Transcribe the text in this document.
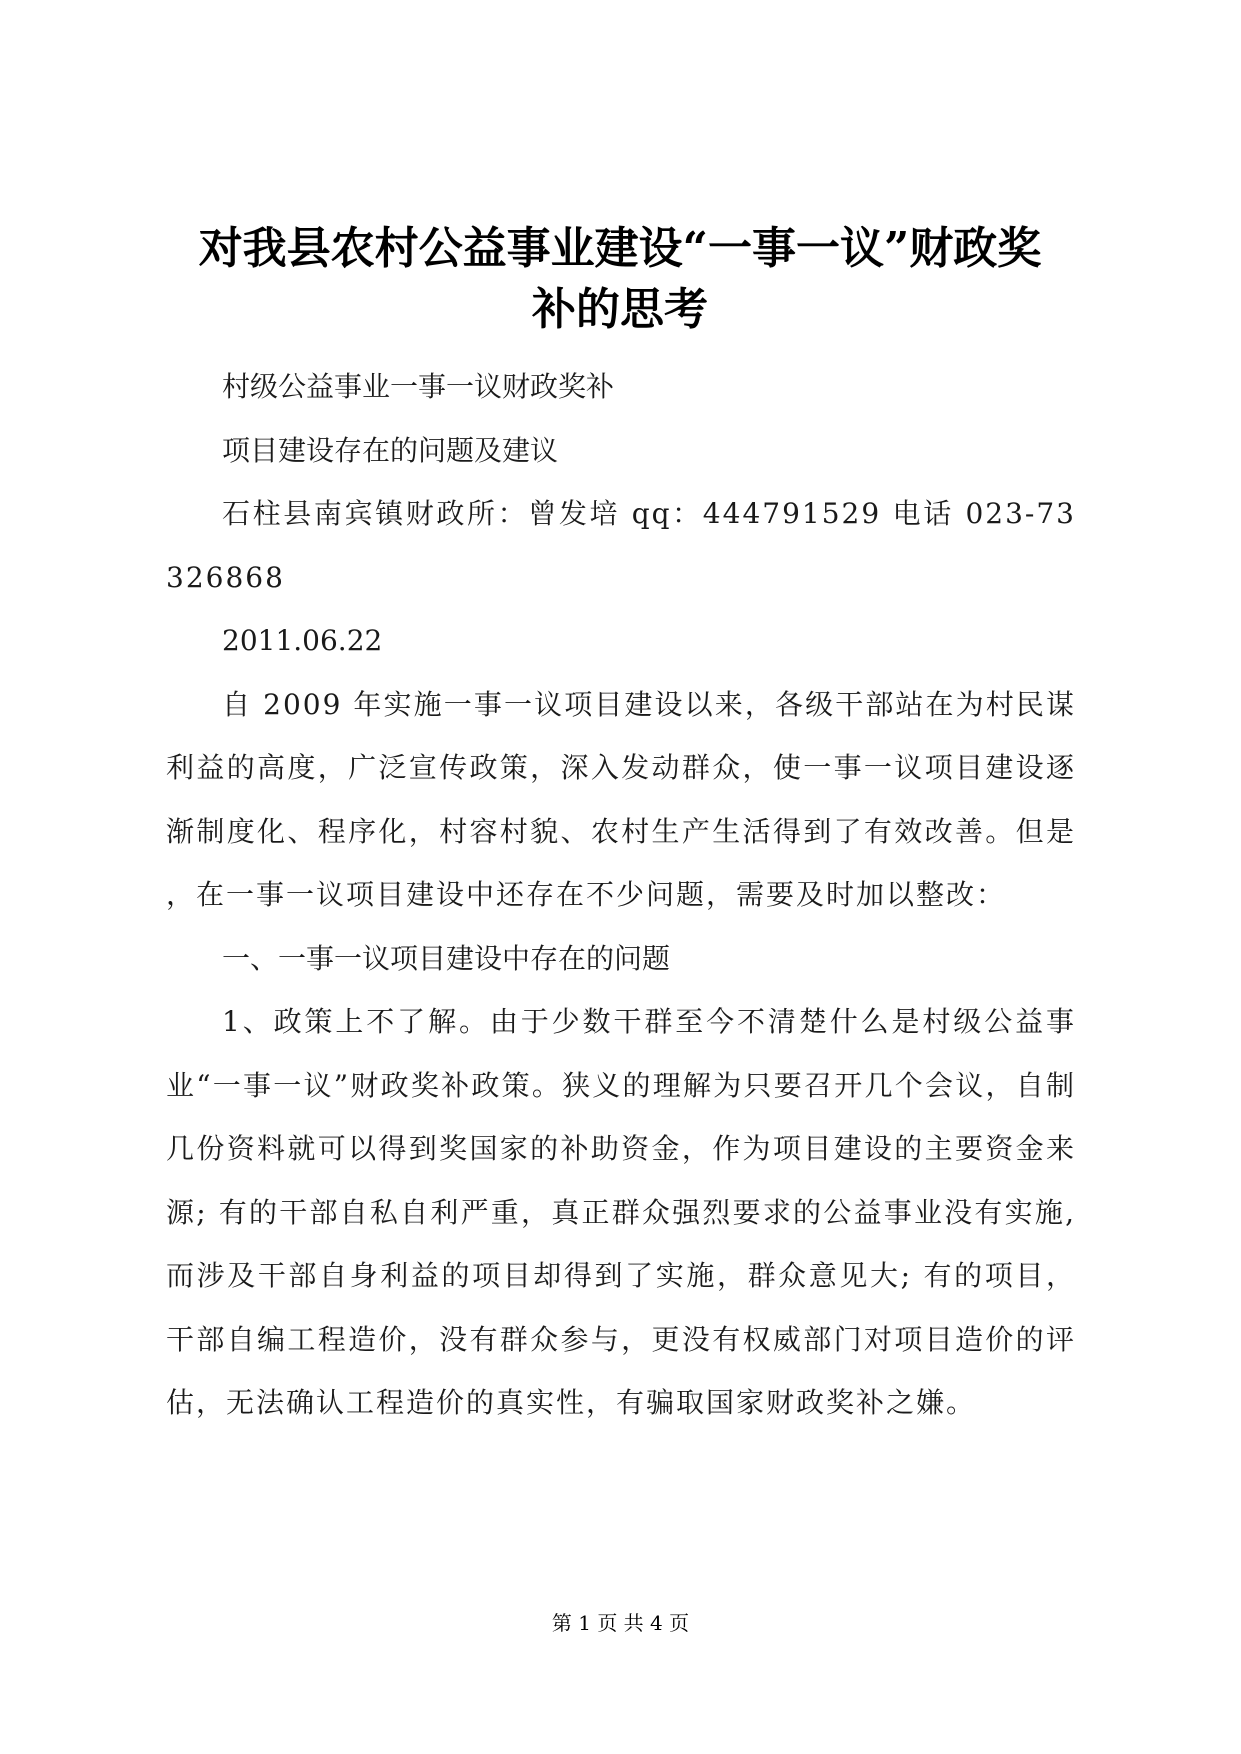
对我县农村公益事业建设“一事一议”财政奖
补的思考

村级公益事业一事一议财政奖补

项目建设存在的问题及建议

石柱县南宾镇财政所：曾发培 qq：444791529 电话 023-73326868

2011.06.22

自 2009 年实施一事一议项目建设以来，各级干部站在为村民谋利益的高度，广泛宣传政策，深入发动群众，使一事一议项目建设逐渐制度化、程序化，村容村貌、农村生产生活得到了有效改善。但是，在一事一议项目建设中还存在不少问题，需要及时加以整改：

一、一事一议项目建设中存在的问题

1、政策上不了解。由于少数干群至今不清楚什么是村级公益事业“一事一议”财政奖补政策。狭义的理解为只要召开几个会议，自制几份资料就可以得到奖国家的补助资金，作为项目建设的主要资金来源; 有的干部自私自利严重，真正群众强烈要求的公益事业没有实施,而涉及干部自身利益的项目却得到了实施，群众意见大; 有的项目，干部自编工程造价，没有群众参与，更没有权威部门对项目造价的评估，无法确认工程造价的真实性，有骗取国家财政奖补之嫌。

第 1 页 共 4 页
